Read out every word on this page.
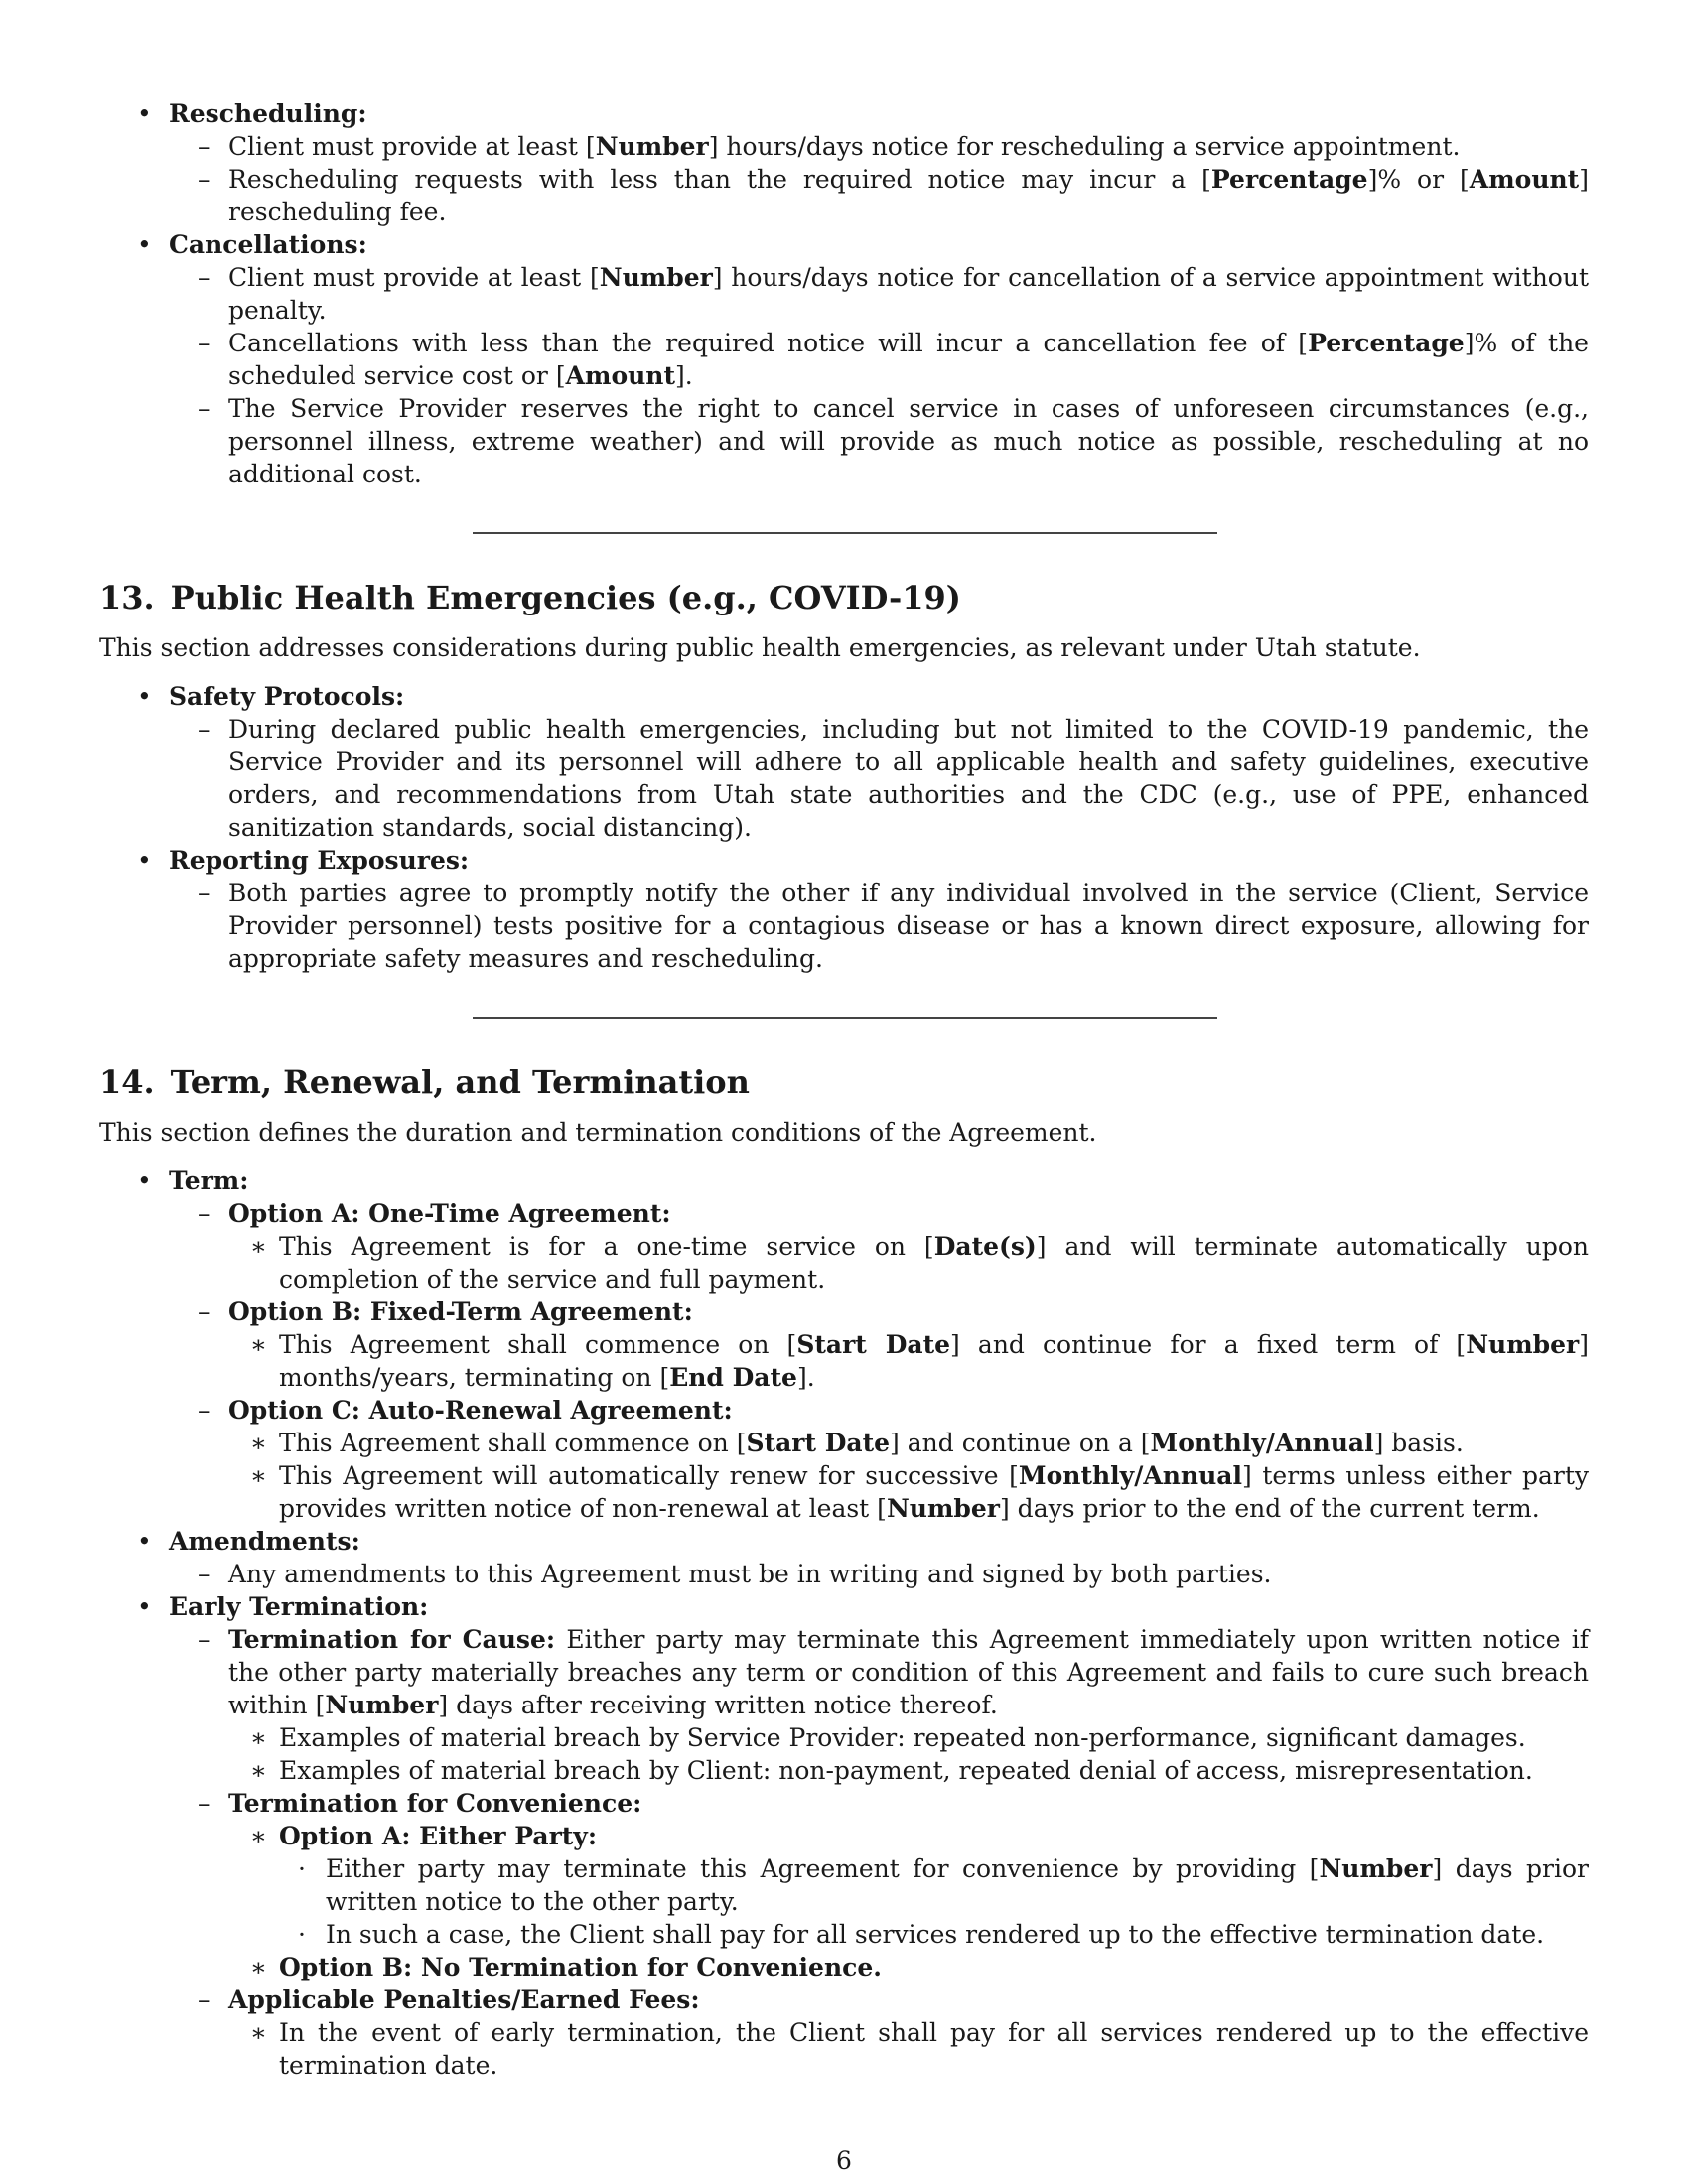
• Rescheduling:
– Client must provide at least [Number] hours/days notice for rescheduling a service appointment.
– Rescheduling requests with less than the required notice may incur a [Percentage]% or [Amount] rescheduling fee.
• Cancellations:
– Client must provide at least [Number] hours/days notice for cancellation of a service appointment without penalty.
– Cancellations with less than the required notice will incur a cancellation fee of [Percentage]% of the scheduled service cost or [Amount].
– The Service Provider reserves the right to cancel service in cases of unforeseen circumstances (e.g., personnel illness, extreme weather) and will provide as much notice as possible, rescheduling at no additional cost.
13. Public Health Emergencies (e.g., COVID-19)

This section addresses considerations during public health emergencies, as relevant under Utah statute.

• Safety Protocols:
– During declared public health emergencies, including but not limited to the COVID-19 pandemic, the Service Provider and its personnel will adhere to all applicable health and safety guidelines, executive orders, and recommendations from Utah state authorities and the CDC (e.g., use of PPE, enhanced sanitization standards, social distancing).
• Reporting Exposures:
– Both parties agree to promptly notify the other if any individual involved in the service (Client, Service Provider personnel) tests positive for a contagious disease or has a known direct exposure, allowing for appropriate safety measures and rescheduling.
14. Term, Renewal, and Termination

This section defines the duration and termination conditions of the Agreement.

• Term:
– Option A: One-Time Agreement:
∗ This Agreement is for a one-time service on [Date(s)] and will terminate automatically upon completion of the service and full payment.
– Option B: Fixed-Term Agreement:
∗ This Agreement shall commence on [Start Date] and continue for a fixed term of [Number] months/years, terminating on [End Date].
– Option C: Auto-Renewal Agreement:
∗ This Agreement shall commence on [Start Date] and continue on a [Monthly/Annual] basis.
∗ This Agreement will automatically renew for successive [Monthly/Annual] terms unless either party provides written notice of non-renewal at least [Number] days prior to the end of the current term.
• Amendments:
– Any amendments to this Agreement must be in writing and signed by both parties.
• Early Termination:
– Termination for Cause: Either party may terminate this Agreement immediately upon written notice if the other party materially breaches any term or condition of this Agreement and fails to cure such breach within [Number] days after receiving written notice thereof.
∗ Examples of material breach by Service Provider: repeated non-performance, significant damages.
∗ Examples of material breach by Client: non-payment, repeated denial of access, misrepresentation.
– Termination for Convenience:
∗ Option A: Either Party:
· Either party may terminate this Agreement for convenience by providing [Number] days prior written notice to the other party.
· In such a case, the Client shall pay for all services rendered up to the effective termination date.
∗ Option B: No Termination for Convenience.
– Applicable Penalties/Earned Fees:
∗ In the event of early termination, the Client shall pay for all services rendered up to the effective termination date.
6
